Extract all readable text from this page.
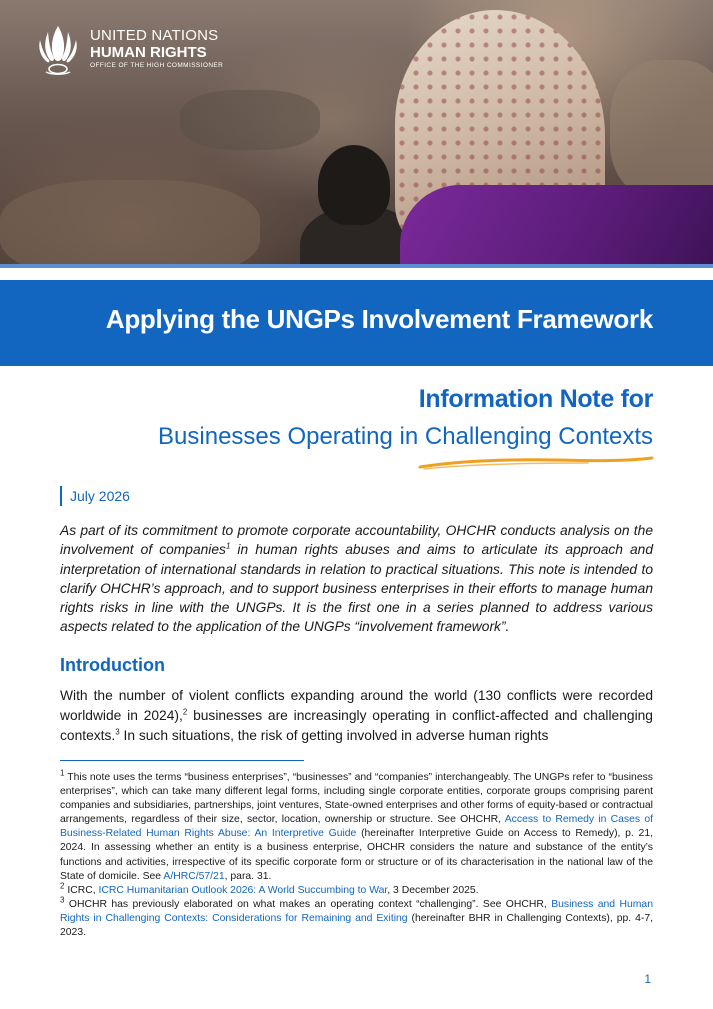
UNITED NATIONS
HUMAN RIGHTS
OFFICE OF THE HIGH COMMISSIONER
Applying the UNGPs Involvement Framework
Information Note for
Businesses Operating in Challenging Contexts
July 2026

As part of its commitment to promote corporate accountability, OHCHR conducts analysis on the involvement of companies$^1$ in human rights abuses and aims to articulate its approach and interpretation of international standards in relation to practical situations. This note is intended to clarify OHCHR’s approach, and to support business enterprises in their efforts to manage human rights risks in line with the UNGPs. It is the first one in a series planned to address various aspects related to the application of the UNGPs “involvement framework”.

Introduction

With the number of violent conflicts expanding around the world (130 conflicts were recorded worldwide in 2024),$^2$ businesses are increasingly operating in conflict-affected and challenging contexts.$^3$ In such situations, the risk of getting involved in adverse human rights

$^1$ This note uses the terms “business enterprises”, “businesses” and “companies” interchangeably. The UNGPs refer to “business enterprises”, which can take many different legal forms, including single corporate entities, corporate groups comprising parent companies and subsidiaries, partnerships, joint ventures, State-owned enterprises and other forms of equity-based or contractual arrangements, regardless of their size, sector, location, ownership or structure. See OHCHR, Access to Remedy in Cases of Business-Related Human Rights Abuse: An Interpretive Guide (hereinafter Interpretive Guide on Access to Remedy), p. 21, 2024. In assessing whether an entity is a business enterprise, OHCHR considers the nature and substance of the entity’s functions and activities, irrespective of its specific corporate form or structure or of its characterisation in the national law of the State of domicile. See A/HRC/57/21, para. 31.

$^2$ ICRC, ICRC Humanitarian Outlook 2026: A World Succumbing to War, 3 December 2025.

$^3$ OHCHR has previously elaborated on what makes an operating context “challenging”. See OHCHR, Business and Human Rights in Challenging Contexts: Considerations for Remaining and Exiting (hereinafter BHR in Challenging Contexts), pp. 4-7, 2023.

1
